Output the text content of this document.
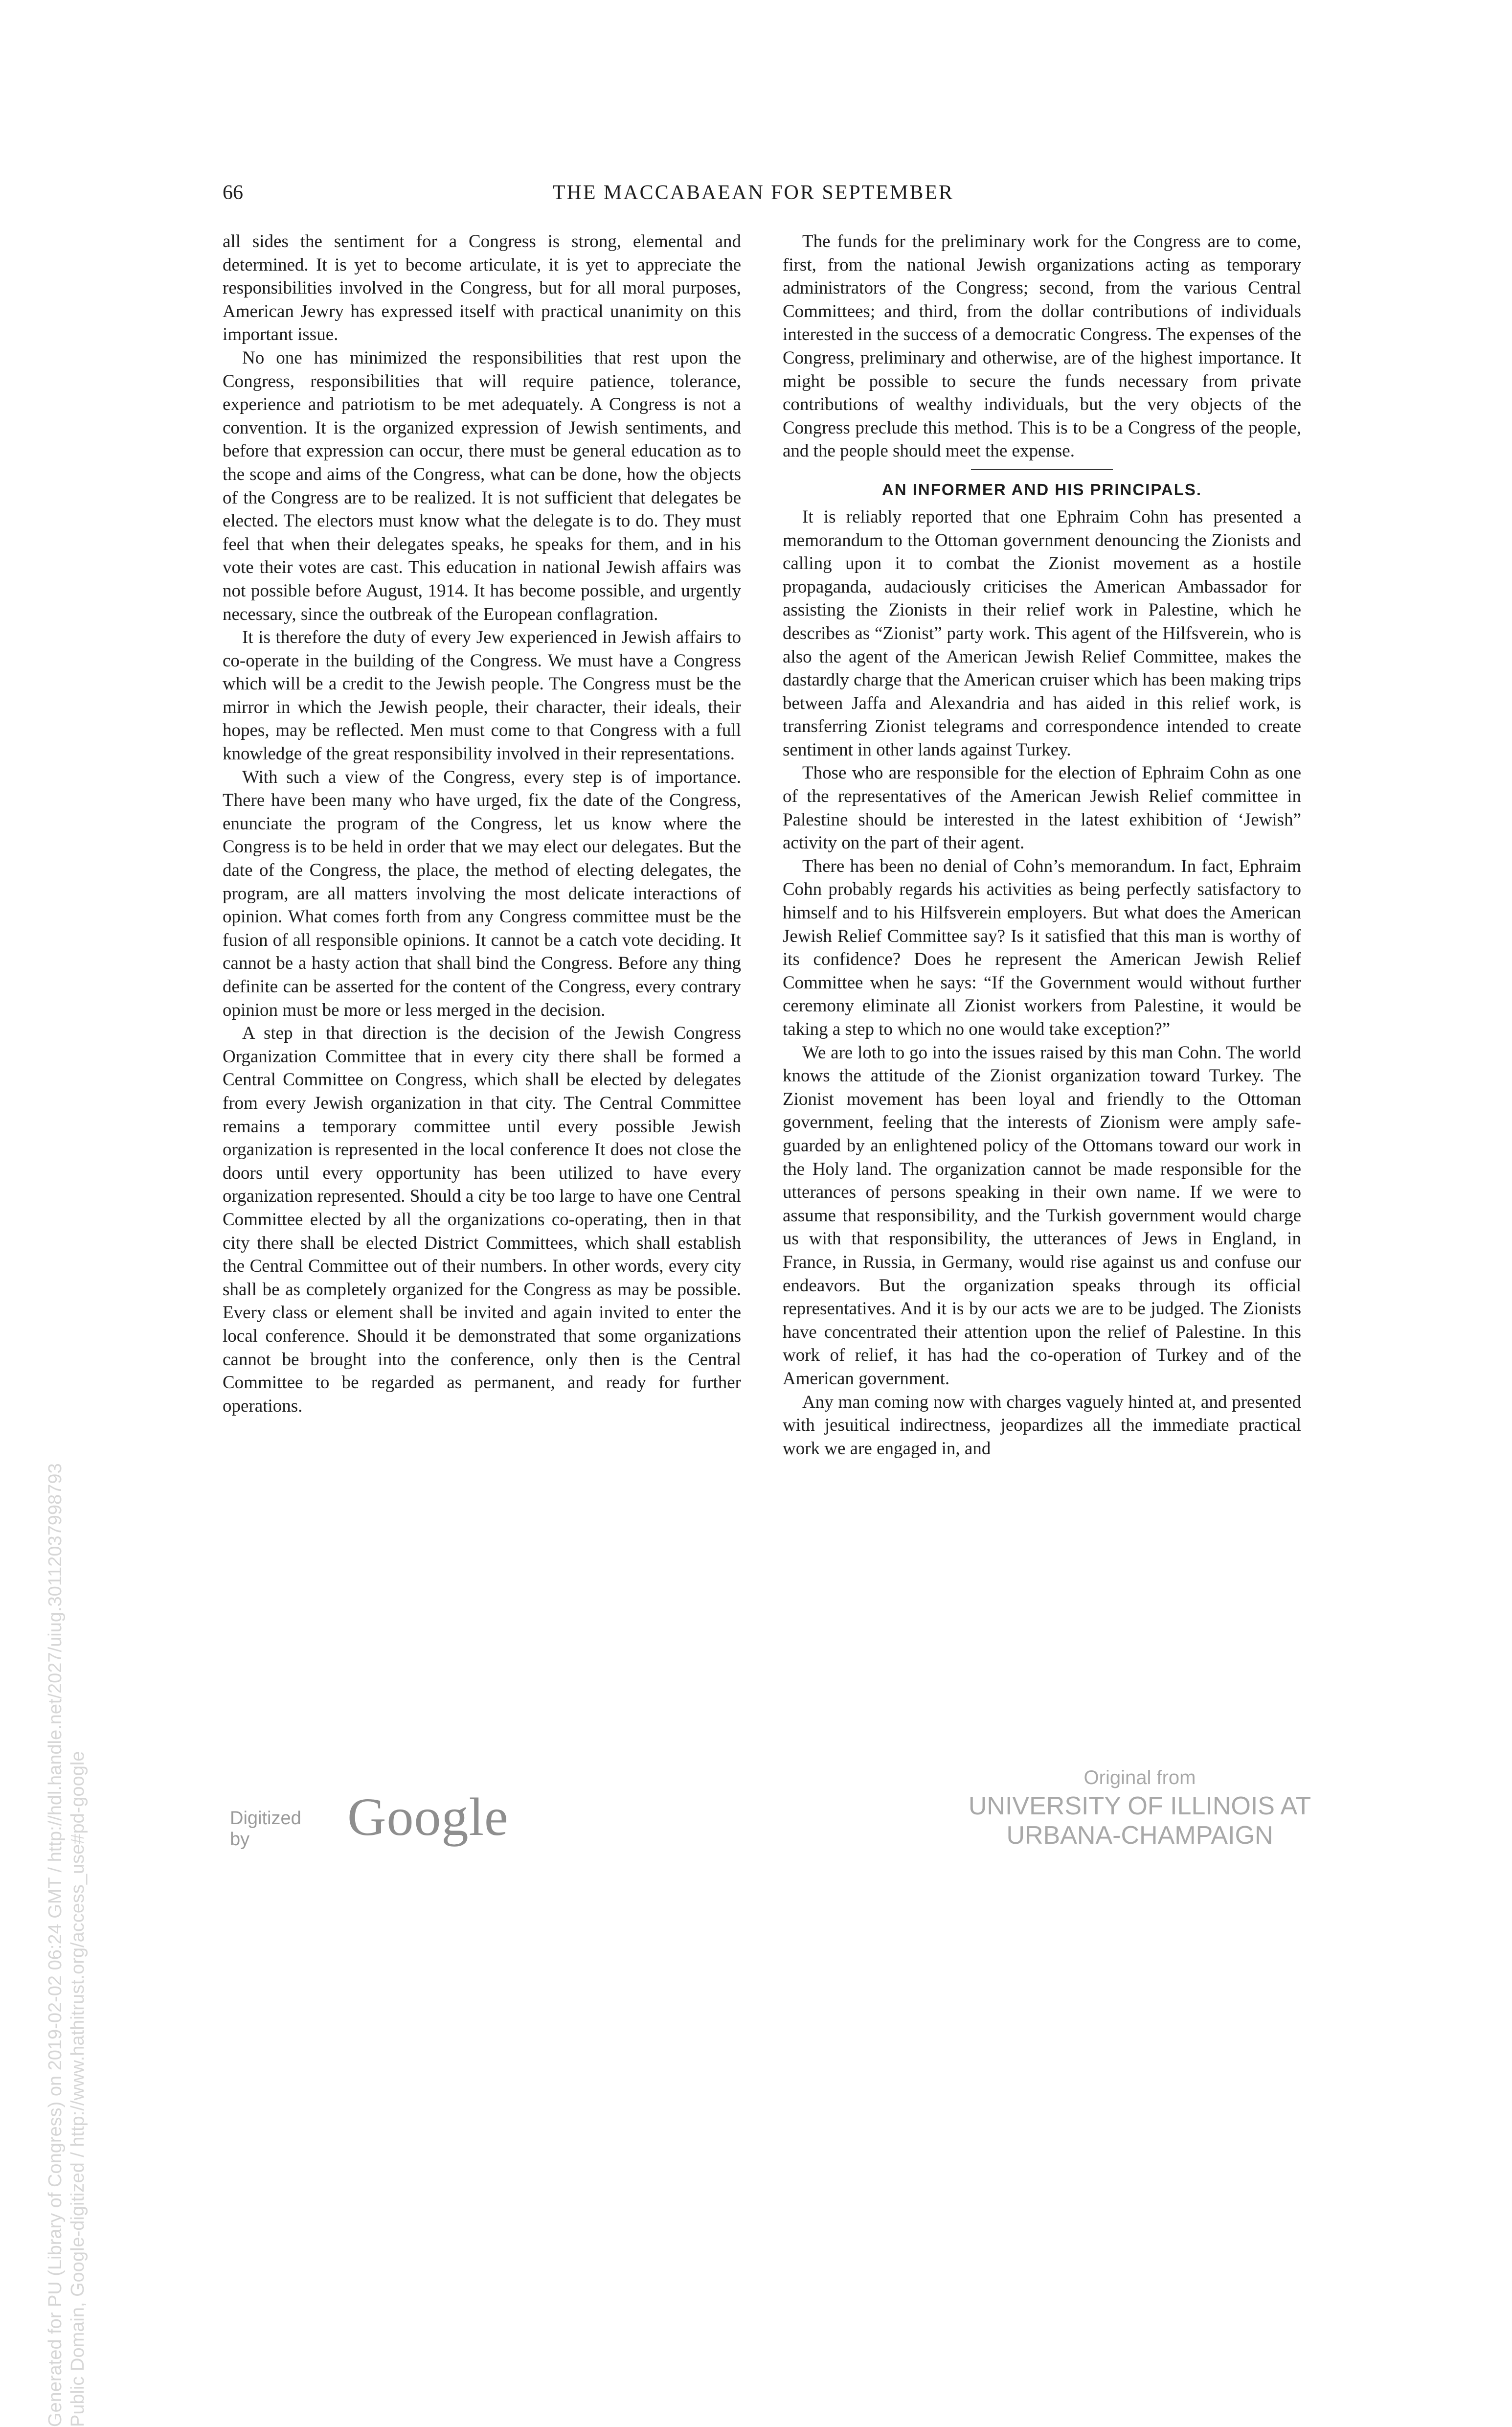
66	THE MACCABAEAN FOR SEPTEMBER

all sides the sentiment for a Congress is strong, elemental and determined. It is yet to become articulate, it is yet to appreciate the responsibilities involved in the Congress, but for all moral purposes, American Jewry has expressed itself with practical unanimity on this important issue.

No one has minimized the responsibilities that rest upon the Congress, responsibilities that will require patience, tolerance, experience and patriotism to be met adequately. A Congress is not a convention. It is the organized expression of Jewish sentiments, and before that expression can occur, there must be general education as to the scope and aims of the Congress, what can be done, how the objects of the Congress are to be realized. It is not sufficient that delegates be elected. The electors must know what the delegate is to do. They must feel that when their delegates speaks, he speaks for them, and in his vote their votes are cast. This education in national Jewish affairs was not possible before August, 1914. It has become possible, and urgently necessary, since the outbreak of the European conflagration.

It is therefore the duty of every Jew experienced in Jewish affairs to co-operate in the building of the Congress. We must have a Congress which will be a credit to the Jewish people. The Congress must be the mirror in which the Jewish people, their character, their ideals, their hopes, may be reflected. Men must come to that Congress with a full knowledge of the great responsibility involved in their representations.

With such a view of the Congress, every step is of importance. There have been many who have urged, fix the date of the Congress, enunciate the program of the Congress, let us know where the Congress is to be held in order that we may elect our delegates. But the date of the Congress, the place, the method of electing delegates, the program, are all matters involving the most delicate interactions of opinion. What comes forth from any Congress committee must be the fusion of all responsible opinions. It cannot be a catch vote deciding. It cannot be a hasty action that shall bind the Congress. Before any thing definite can be asserted for the content of the Congress, every contrary opinion must be more or less merged in the decision.

A step in that direction is the decision of the Jewish Congress Organization Committee that in every city there shall be formed a Central Committee on Congress, which shall be elected by delegates from every Jewish organization in that city. The Central Committee remains a temporary committee until every possible Jewish organization is represented in the local conference It does not close the doors until every opportunity has been utilized to have every organization represented. Should a city be too large to have one Central Committee elected by all the organizations co-operating, then in that city there shall be elected District Committees, which shall establish the Central Committee out of their numbers. In other words, every city shall be as completely organized for the Congress as may be possible. Every class or element shall be invited and again invited to enter the local conference. Should it be demonstrated that some organizations cannot be brought into the conference, only then is the Central Committee to be regarded as permanent, and ready for further operations.

The funds for the preliminary work for the Congress are to come, first, from the national Jewish organizations acting as temporary administrators of the Congress; second, from the various Central Committees; and third, from the dollar contributions of individuals interested in the success of a democratic Congress. The expenses of the Congress, preliminary and otherwise, are of the highest importance. It might be possible to secure the funds necessary from private contributions of wealthy individuals, but the very objects of the Congress preclude this method. This is to be a Congress of the people, and the people should meet the expense.

AN INFORMER AND HIS PRINCIPALS.

It is reliably reported that one Ephraim Cohn has presented a memorandum to the Ottoman government denouncing the Zionists and calling upon it to combat the Zionist movement as a hostile propaganda, audaciously criticises the American Ambassador for assisting the Zionists in their relief work in Palestine, which he describes as “Zionist” party work. This agent of the Hilfsverein, who is also the agent of the American Jewish Relief Committee, makes the dastardly charge that the American cruiser which has been making trips between Jaffa and Alexandria and has aided in this relief work, is transferring Zionist telegrams and correspondence intended to create sentiment in other lands against Turkey.

Those who are responsible for the election of Ephraim Cohn as one of the representatives of the American Jewish Relief committee in Palestine should be interested in the latest exhibition of ‘Jewish” activity on the part of their agent.

There has been no denial of Cohn’s memorandum. In fact, Ephraim Cohn probably regards his activities as being perfectly satisfactory to himself and to his Hilfsverein employers. But what does the American Jewish Relief Committee say? Is it satisfied that this man is worthy of its confidence? Does he represent the American Jewish Relief Committee when he says: “If the Government would without further ceremony eliminate all Zionist workers from Palestine, it would be taking a step to which no one would take exception?”

We are loth to go into the issues raised by this man Cohn. The world knows the attitude of the Zionist organization toward Turkey. The Zionist movement has been loyal and friendly to the Ottoman government, feeling that the interests of Zionism were amply safe-guarded by an enlightened policy of the Ottomans toward our work in the Holy land. The organization cannot be made responsible for the utterances of persons speaking in their own name. If we were to assume that responsibility, and the Turkish government would charge us with that responsibility, the utterances of Jews in England, in France, in Russia, in Germany, would rise against us and confuse our endeavors. But the organization speaks through its official representatives. And it is by our acts we are to be judged. The Zionists have concentrated their attention upon the relief of Palestine. In this work of relief, it has had the co-operation of Turkey and of the American government.

Any man coming now with charges vaguely hinted at, and presented with jesuitical indirectness, jeopardizes all the immediate practical work we are engaged in, and

Generated for PU (Library of Congress) on 2019-02-02 06:24 GMT / http://hdl.handle.net/2027/uiug.30112037998793 Public Domain, Google-digitized / http://www.hathitrust.org/access_use#pd-google	Digitized by	Google
Original from
UNIVERSITY OF ILLINOIS AT
URBANA-CHAMPAIGN
